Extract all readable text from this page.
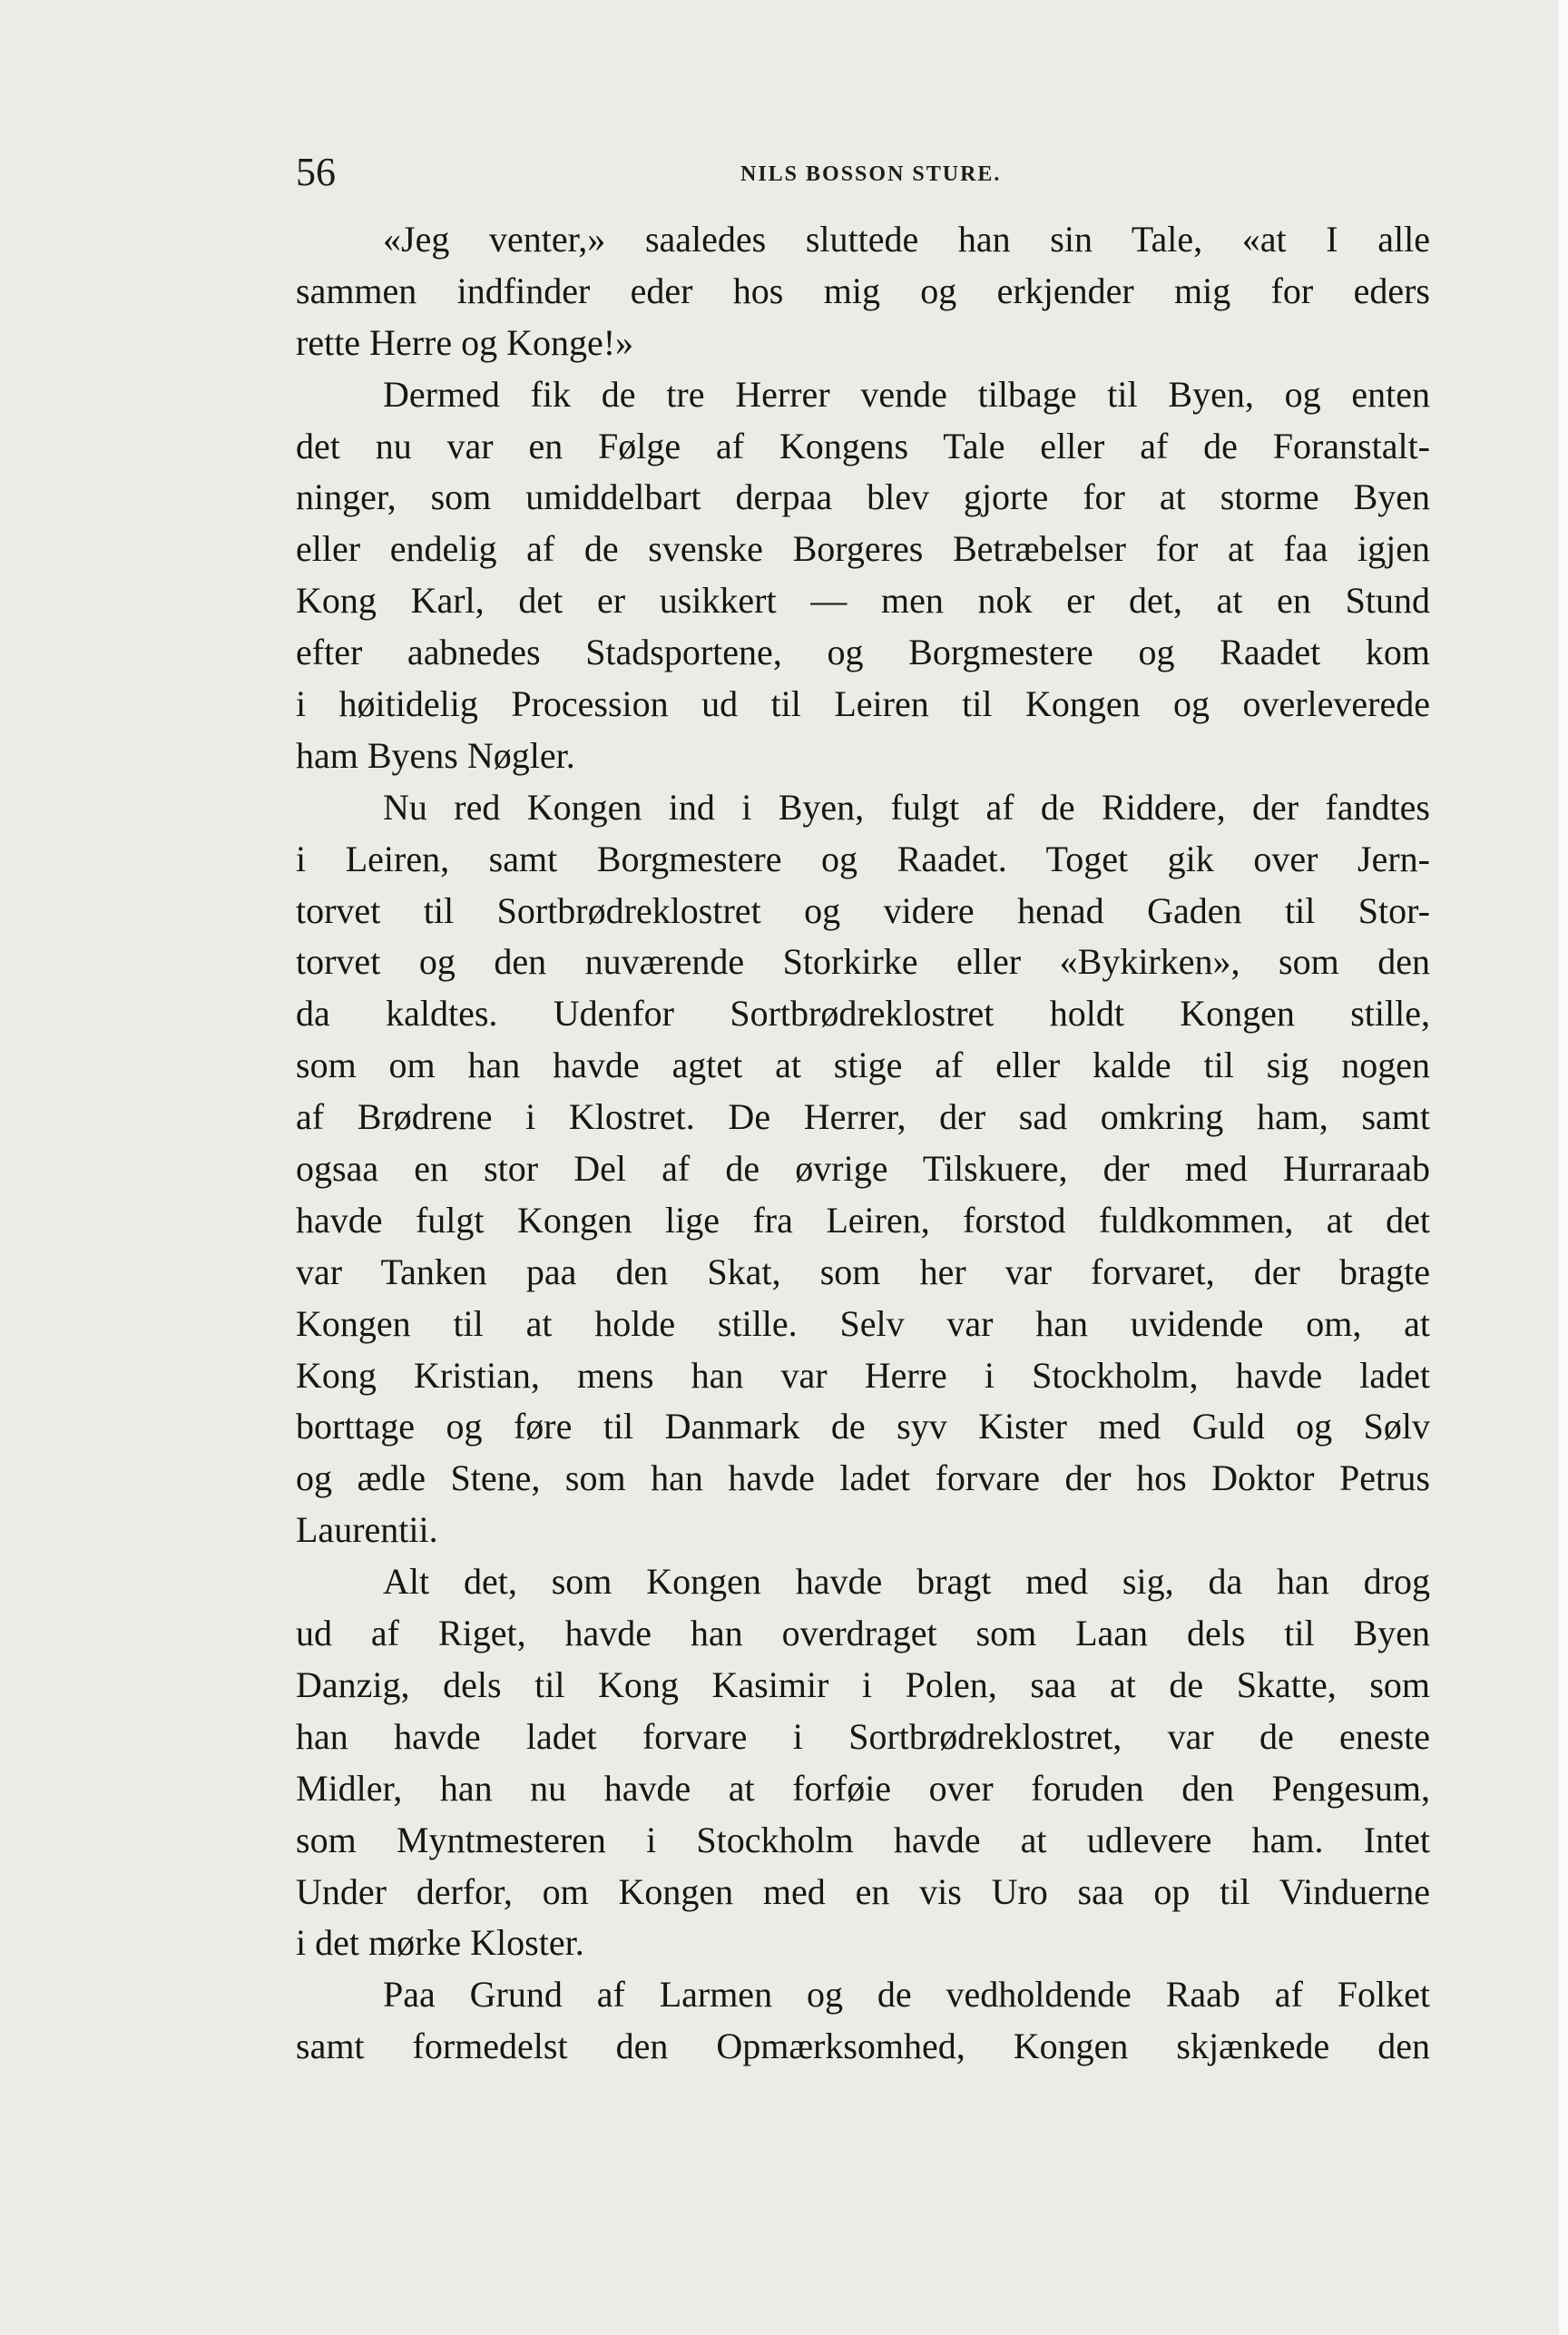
56	NILS BOSSON STURE.
«Jeg venter,» saaledes sluttede han sin Tale, «at I alle
sammen indfinder eder hos mig og erkjender mig for eders
rette Herre og Konge!»
Dermed fik de tre Herrer vende tilbage til Byen, og enten
det nu var en Følge af Kongens Tale eller af de Foranstalt-
ninger, som umiddelbart derpaa blev gjorte for at storme Byen
eller endelig af de svenske Borgeres Betræbelser for at faa igjen
Kong Karl, det er usikkert — men nok er det, at en Stund
efter aabnedes Stadsportene, og Borgmestere og Raadet kom
i høitidelig Procession ud til Leiren til Kongen og overleverede
ham Byens Nøgler.
Nu red Kongen ind i Byen, fulgt af de Riddere, der fandtes
i Leiren, samt Borgmestere og Raadet. Toget gik over Jern-
torvet til Sortbrødreklostret og videre henad Gaden til Stor-
torvet og den nuværende Storkirke eller «Bykirken», som den
da kaldtes. Udenfor Sortbrødreklostret holdt Kongen stille,
som om han havde agtet at stige af eller kalde til sig nogen
af Brødrene i Klostret. De Herrer, der sad omkring ham, samt
ogsaa en stor Del af de øvrige Tilskuere, der med Hurraraab
havde fulgt Kongen lige fra Leiren, forstod fuldkommen, at det
var Tanken paa den Skat, som her var forvaret, der bragte
Kongen til at holde stille. Selv var han uvidende om, at
Kong Kristian, mens han var Herre i Stockholm, havde ladet
borttage og føre til Danmark de syv Kister med Guld og Sølv
og ædle Stene, som han havde ladet forvare der hos Doktor Petrus
Laurentii.
Alt det, som Kongen havde bragt med sig, da han drog
ud af Riget, havde han overdraget som Laan dels til Byen
Danzig, dels til Kong Kasimir i Polen, saa at de Skatte, som
han havde ladet forvare i Sortbrødreklostret, var de eneste
Midler, han nu havde at forføie over foruden den Pengesum,
som Myntmesteren i Stockholm havde at udlevere ham. Intet
Under derfor, om Kongen med en vis Uro saa op til Vinduerne
i det mørke Kloster.
Paa Grund af Larmen og de vedholdende Raab af Folket
samt formedelst den Opmærksomhed, Kongen skjænkede den
